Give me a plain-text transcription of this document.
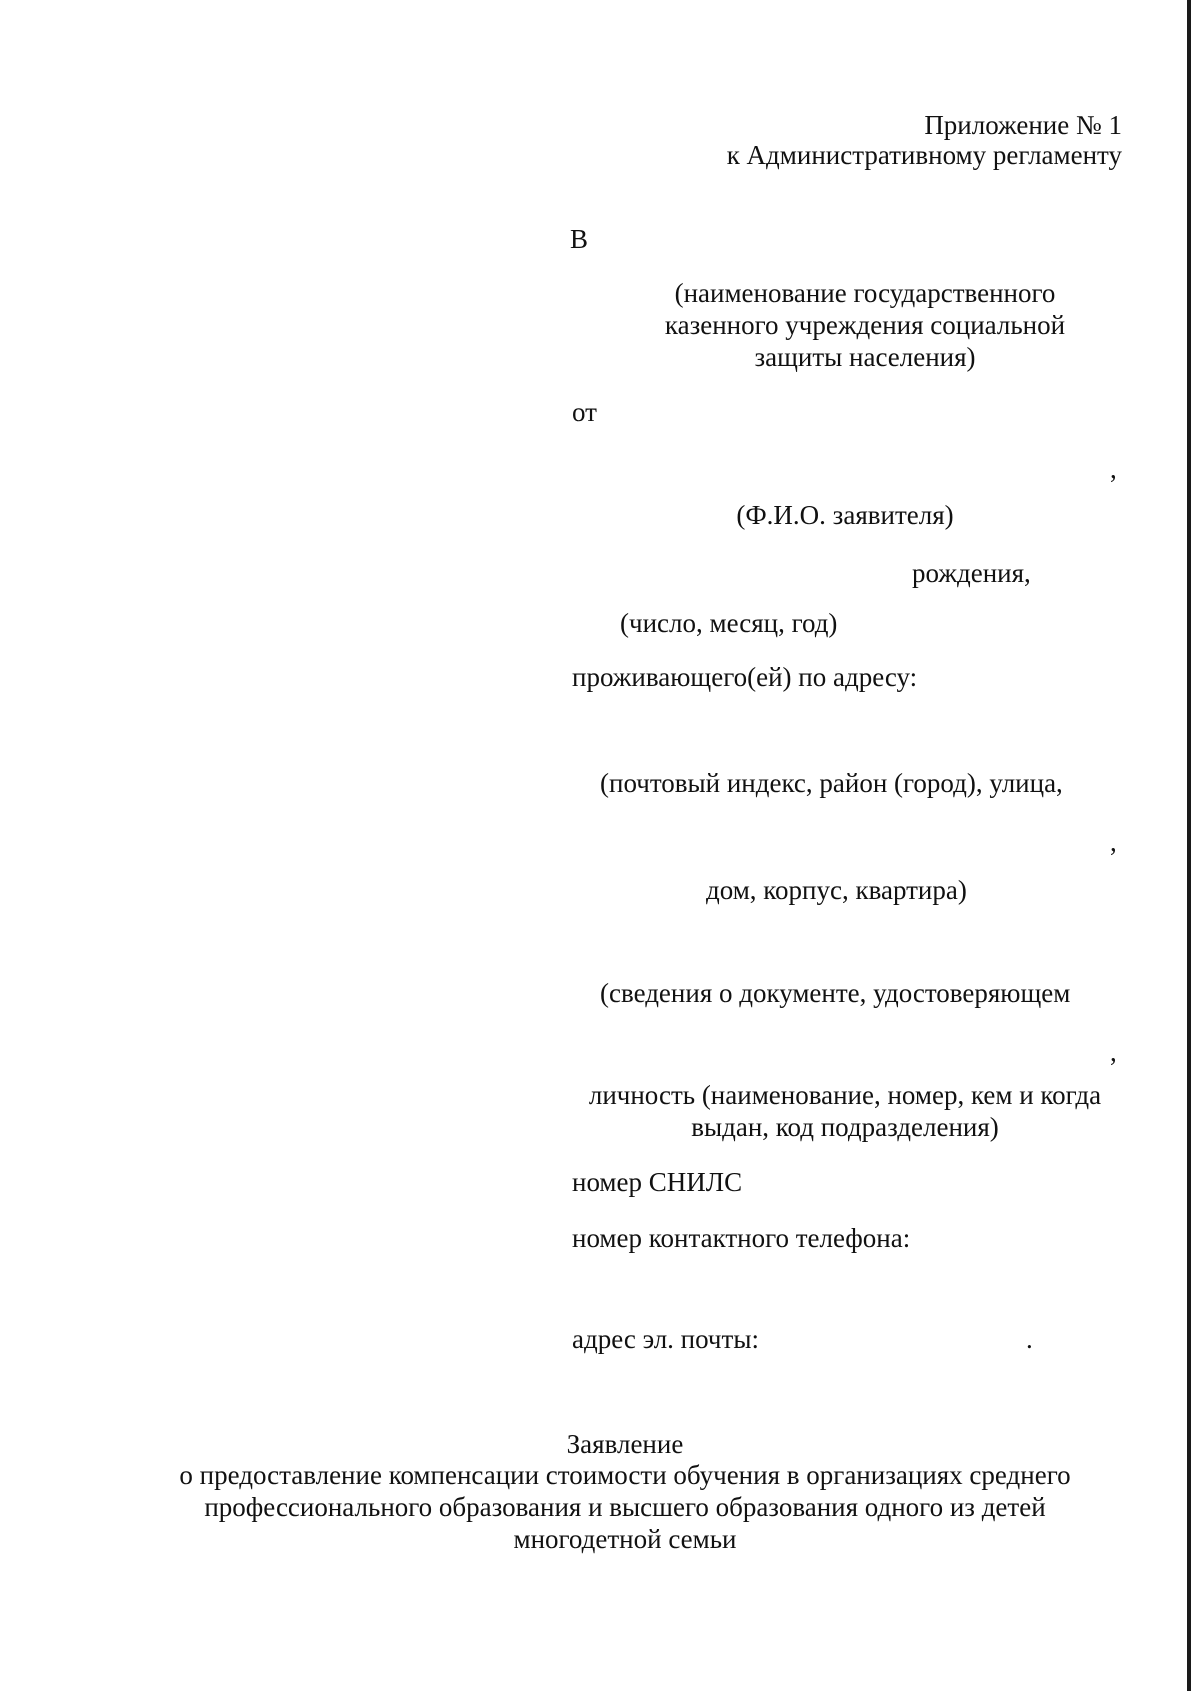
Приложение № 1
к Административному регламенту
В
(наименование государственного
казенного учреждения социальной
защиты населения)
от
,
(Ф.И.О. заявителя)
рождения,
(число, месяц, год)
проживающего(ей) по адресу:
(почтовый индекс, район (город), улица,
,
дом, корпус, квартира)
(сведения о документе, удостоверяющем
,
личность (наименование, номер, кем и когда
выдан, код подразделения)
номер СНИЛС
номер контактного телефона:
адрес эл. почты:	.
Заявление
о предоставление компенсации стоимости обучения в организациях среднего
профессионального образования и высшего образования одного из детей
многодетной семьи
